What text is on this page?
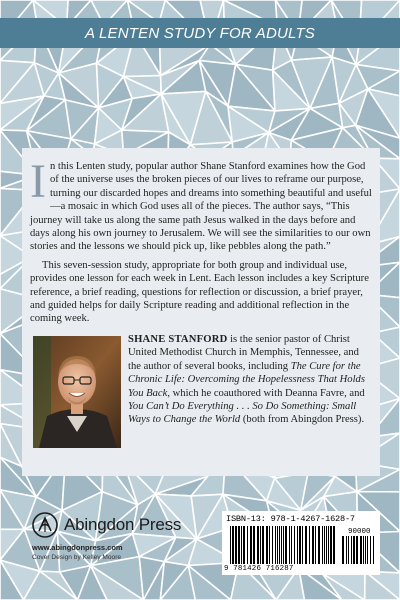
A LENTEN STUDY FOR ADULTS

In this Lenten study, popular author Shane Stanford examines how the God of the universe uses the broken pieces of our lives to reframe our purpose, turning our discarded hopes and dreams into something beautiful and useful—a mosaic in which God uses all of the pieces. The author says, “This journey will take us along the same path Jesus walked in the days before and days along his own journey to Jerusalem. We will see the similarities to our own stories and the lessons we should pick up, like pebbles along the path.”

This seven-session study, appropriate for both group and individual use, provides one lesson for each week in Lent. Each lesson includes a key Scripture reference, a brief reading, questions for reflection or discussion, a brief prayer, and guided helps for daily Scripture reading and additional reflection in the coming week.

SHANE STANFORD is the senior pastor of Christ United Methodist Church in Memphis, Tennessee, and the author of several books, including The Cure for the Chronic Life: Overcoming the Hopelessness That Holds You Back, which he coauthored with Deanna Favre, and You Can’t Do Everything . . . So Do Something: Small Ways to Change the World (both from Abingdon Press).
Abingdon Press
www.abingdonpress.com
Cover Design by Kelley Moore
ISBN-13: 978-1-4267-1628-7
90000
9 781426 716287
